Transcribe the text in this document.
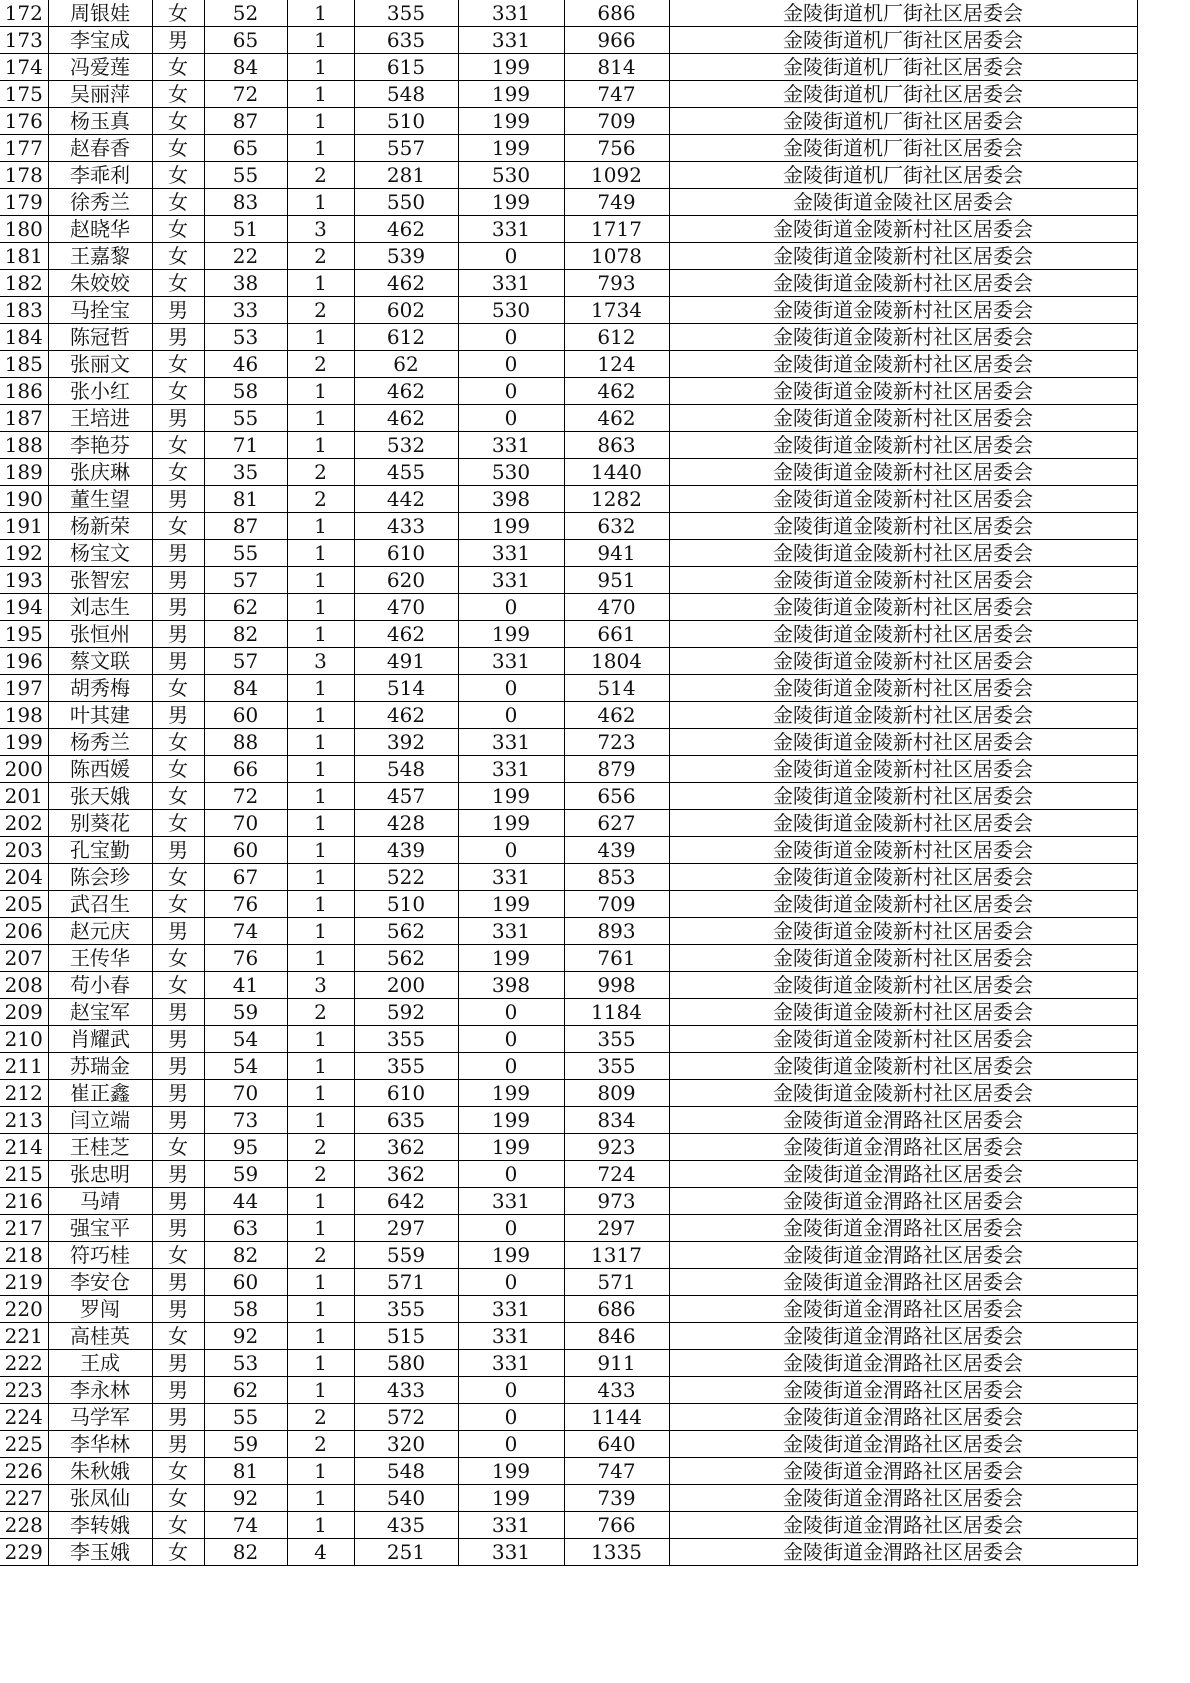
172	周银娃	女	52	1	355	331	686	金陵街道机厂街社区居委会
173	李宝成	男	65	1	635	331	966	金陵街道机厂街社区居委会
174	冯爱莲	女	84	1	615	199	814	金陵街道机厂街社区居委会
175	吴丽萍	女	72	1	548	199	747	金陵街道机厂街社区居委会
176	杨玉真	女	87	1	510	199	709	金陵街道机厂街社区居委会
177	赵春香	女	65	1	557	199	756	金陵街道机厂街社区居委会
178	李乖利	女	55	2	281	530	1092	金陵街道机厂街社区居委会
179	徐秀兰	女	83	1	550	199	749	金陵街道金陵社区居委会
180	赵晓华	女	51	3	462	331	1717	金陵街道金陵新村社区居委会
181	王嘉黎	女	22	2	539	0	1078	金陵街道金陵新村社区居委会
182	朱姣姣	女	38	1	462	331	793	金陵街道金陵新村社区居委会
183	马拴宝	男	33	2	602	530	1734	金陵街道金陵新村社区居委会
184	陈冠哲	男	53	1	612	0	612	金陵街道金陵新村社区居委会
185	张丽文	女	46	2	62	0	124	金陵街道金陵新村社区居委会
186	张小红	女	58	1	462	0	462	金陵街道金陵新村社区居委会
187	王培进	男	55	1	462	0	462	金陵街道金陵新村社区居委会
188	李艳芬	女	71	1	532	331	863	金陵街道金陵新村社区居委会
189	张庆琳	女	35	2	455	530	1440	金陵街道金陵新村社区居委会
190	董生望	男	81	2	442	398	1282	金陵街道金陵新村社区居委会
191	杨新荣	女	87	1	433	199	632	金陵街道金陵新村社区居委会
192	杨宝文	男	55	1	610	331	941	金陵街道金陵新村社区居委会
193	张智宏	男	57	1	620	331	951	金陵街道金陵新村社区居委会
194	刘志生	男	62	1	470	0	470	金陵街道金陵新村社区居委会
195	张恒州	男	82	1	462	199	661	金陵街道金陵新村社区居委会
196	蔡文联	男	57	3	491	331	1804	金陵街道金陵新村社区居委会
197	胡秀梅	女	84	1	514	0	514	金陵街道金陵新村社区居委会
198	叶其建	男	60	1	462	0	462	金陵街道金陵新村社区居委会
199	杨秀兰	女	88	1	392	331	723	金陵街道金陵新村社区居委会
200	陈西媛	女	66	1	548	331	879	金陵街道金陵新村社区居委会
201	张天娥	女	72	1	457	199	656	金陵街道金陵新村社区居委会
202	别葵花	女	70	1	428	199	627	金陵街道金陵新村社区居委会
203	孔宝勤	男	60	1	439	0	439	金陵街道金陵新村社区居委会
204	陈会珍	女	67	1	522	331	853	金陵街道金陵新村社区居委会
205	武召生	女	76	1	510	199	709	金陵街道金陵新村社区居委会
206	赵元庆	男	74	1	562	331	893	金陵街道金陵新村社区居委会
207	王传华	女	76	1	562	199	761	金陵街道金陵新村社区居委会
208	苟小春	女	41	3	200	398	998	金陵街道金陵新村社区居委会
209	赵宝军	男	59	2	592	0	1184	金陵街道金陵新村社区居委会
210	肖耀武	男	54	1	355	0	355	金陵街道金陵新村社区居委会
211	苏瑞金	男	54	1	355	0	355	金陵街道金陵新村社区居委会
212	崔正鑫	男	70	1	610	199	809	金陵街道金陵新村社区居委会
213	闫立端	男	73	1	635	199	834	金陵街道金渭路社区居委会
214	王桂芝	女	95	2	362	199	923	金陵街道金渭路社区居委会
215	张忠明	男	59	2	362	0	724	金陵街道金渭路社区居委会
216	马靖	男	44	1	642	331	973	金陵街道金渭路社区居委会
217	强宝平	男	63	1	297	0	297	金陵街道金渭路社区居委会
218	符巧桂	女	82	2	559	199	1317	金陵街道金渭路社区居委会
219	李安仓	男	60	1	571	0	571	金陵街道金渭路社区居委会
220	罗闯	男	58	1	355	331	686	金陵街道金渭路社区居委会
221	高桂英	女	92	1	515	331	846	金陵街道金渭路社区居委会
222	王成	男	53	1	580	331	911	金陵街道金渭路社区居委会
223	李永林	男	62	1	433	0	433	金陵街道金渭路社区居委会
224	马学军	男	55	2	572	0	1144	金陵街道金渭路社区居委会
225	李华林	男	59	2	320	0	640	金陵街道金渭路社区居委会
226	朱秋娥	女	81	1	548	199	747	金陵街道金渭路社区居委会
227	张凤仙	女	92	1	540	199	739	金陵街道金渭路社区居委会
228	李转娥	女	74	1	435	331	766	金陵街道金渭路社区居委会
229	李玉娥	女	82	4	251	331	1335	金陵街道金渭路社区居委会
